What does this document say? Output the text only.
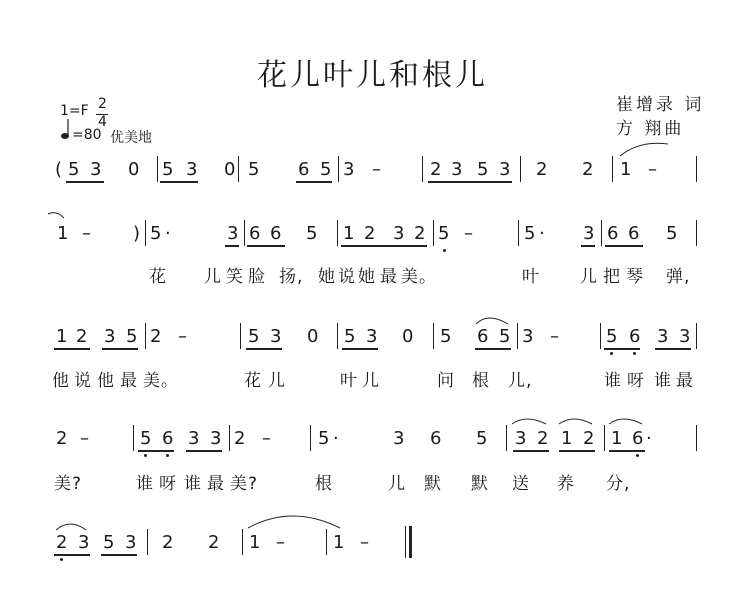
花儿叶儿和根儿
崔增录 词
方 翔曲
1=F 2
4
=80 优美地
( 5 3 0 5 3 0 5 6 5 3 –	2 3 5 3 2 2 1 –
1 – ) 5 ·	3 6 6 5 1 2 3 2 5 –	5 · 3 6 6 5
花 儿 笑 脸 扬, 她 说 她 最 美。	叶 儿 把 琴 弹,
1 2 3 5 2 –	5 3 0 5 3 0 5 6 5 3 –	5 6 3 3
他 说 他 最 美。	花 儿	叶 儿	问 根 儿,	谁 呀 谁 最
2 –	5 6 3 3 2 –	5 ·	3 6 5 3 2 1 2 1 6 ·
美?	谁 呀 谁 最 美?	根	儿 默 默 送 养 分,
2 3 5 3 2 2 1 –	1 –
